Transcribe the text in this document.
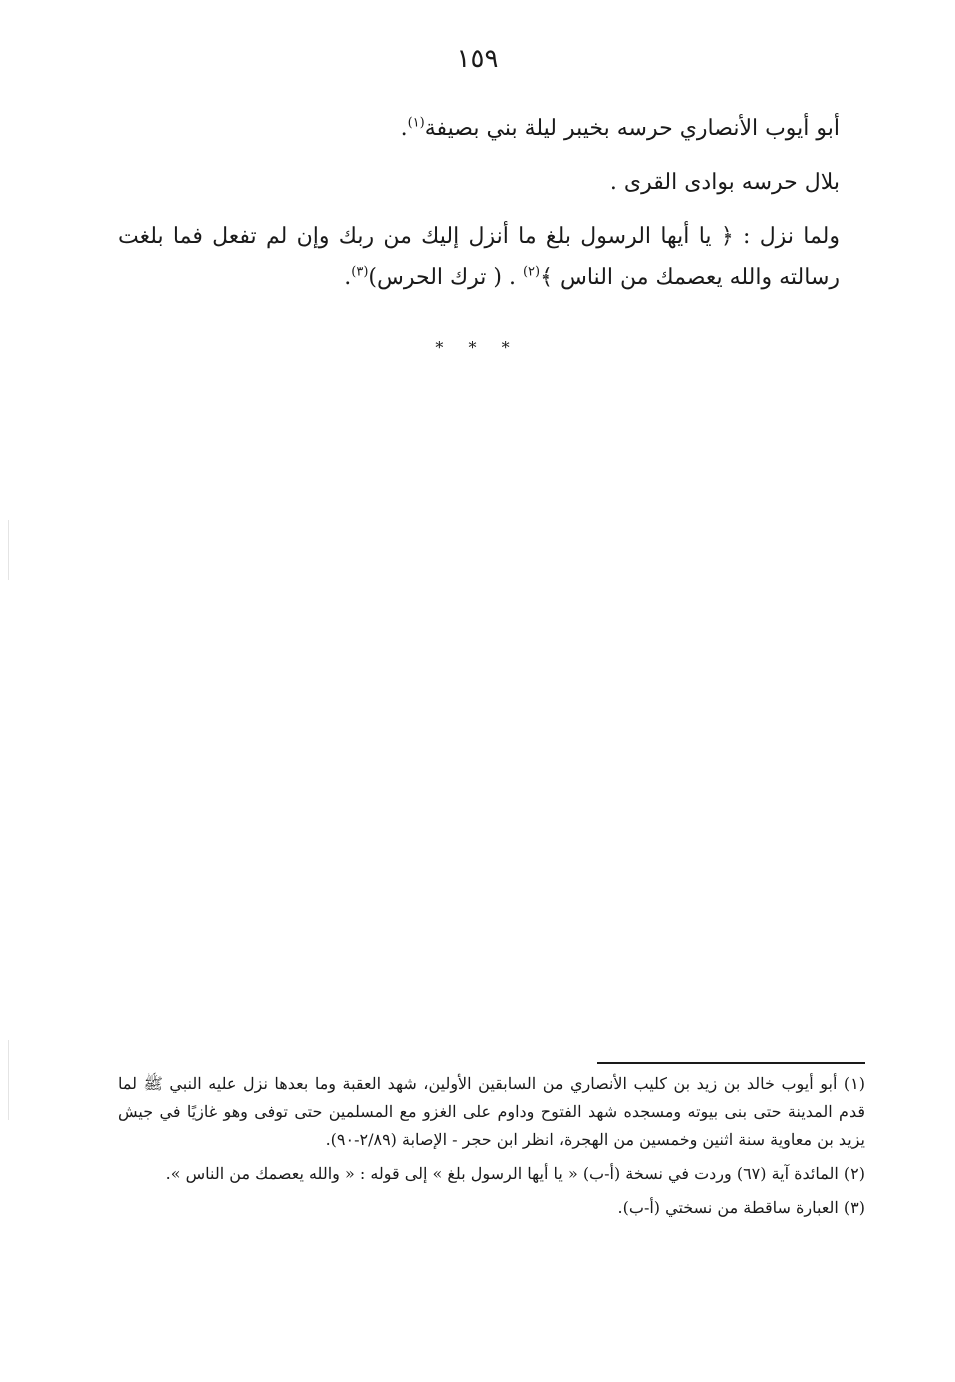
١٥٩

أبو أيوب الأنصاري حرسه بخيبر ليلة بني بصيفة$^{(١)}$.

بلال حرسه بوادى القرى .

ولما نزل : ﴿ يا أيها الرسول بلغ ما أنزل إليك من ربك وإن لم تفعل فما بلغت رسالته والله يعصمك من الناس ﴾$^{(٢)}$ . ( ترك الحرس)$^{(٣)}$.

* * *

(١) أبو أيوب خالد بن زيد بن كليب الأنصاري من السابقين الأولين، شهد العقبة وما بعدها نزل عليه النبي ﷺ لما قدم المدينة حتى بنى بيوته ومسجده شهد الفتوح وداوم على الغزو مع المسلمين حتى توفى وهو غازيًا في جيش يزيد بن معاوية سنة اثنين وخمسين من الهجرة، انظر ابن حجر - الإصابة (٢/٨٩-٩٠).

(٢) المائدة آية (٦٧) وردت في نسخة (أ-ب) « يا أيها الرسول بلغ » إلى قوله : « والله يعصمك من الناس ».

(٣) العبارة ساقطة من نسختي (أ-ب).
